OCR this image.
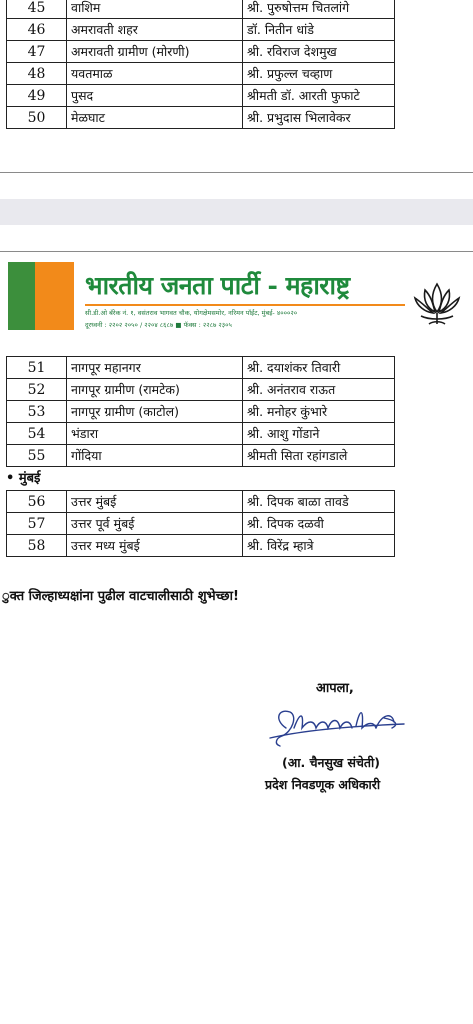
45	वाशिम	श्री. पुरुषोत्तम चितलांगे
46	अमरावती शहर	डॉ. नितीन धांडे
47	अमरावती ग्रामीण (मोरणी)	श्री. रविराज देशमुख
48	यवतमाळ	श्री. प्रफुल्ल चव्हाण
49	पुसद	श्रीमती डॉ. आरती फुफाटे
50	मेळघाट	श्री. प्रभुदास भिलावेकर
भारतीय जनता पार्टी - महाराष्ट्र
सी.डी.ओ बॅरेक नं. १, वसंतराव भागवत चौक, योगक्षेमसमोर, नरिमन पॉईंट, मुंबई- ४०००२०
दूरध्वनी : २२०२ २०५० / २२०४ ८६८७ ■ फॅक्स : २२८७ २३०५
51	नागपूर महानगर	श्री. दयाशंकर तिवारी
52	नागपूर ग्रामीण (रामटेक)	श्री. अनंतराव राऊत
53	नागपूर ग्रामीण (काटोल)	श्री. मनोहर कुंभारे
54	भंडारा	श्री. आशु गोंडाने
55	गोंदिया	श्रीमती सिता रहांगडाले
• मुंबई
56	उत्तर मुंबई	श्री. दिपक बाळा तावडे
57	उत्तर पूर्व मुंबई	श्री. दिपक दळवी
58	उत्तर मध्य मुंबई	श्री. विरेंद्र म्हात्रे
ुक्त जिल्हाध्यक्षांना पुढील वाटचालीसाठी शुभेच्छा!
आपला,
(आ. चैनसुख संचेती)
प्रदेश निवडणूक अधिकारी
